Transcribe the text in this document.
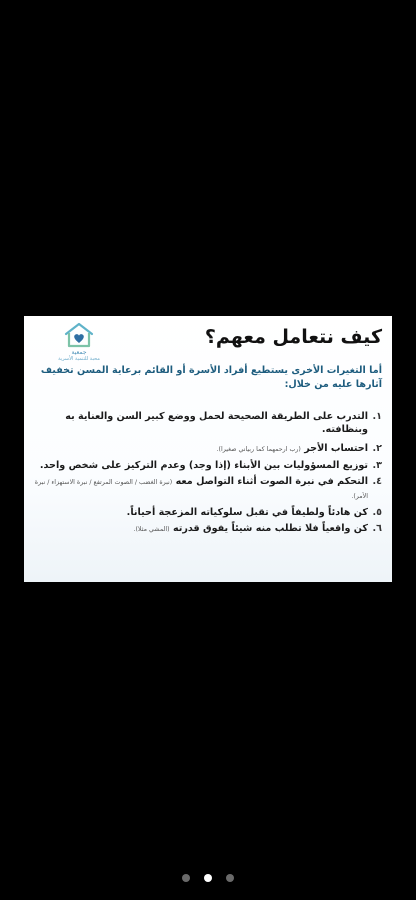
جمعية
محبة للتنمية الأسرية
كيف نتعامل معهم؟
أما التغيرات الأخرى يستطيع أفراد الأسرة أو القائم برعاية المسن تخفيف آثارها عليه من خلال:
١.
التدرب على الطريقة الصحيحة لحمل ووضع كبير السن والعناية به وبنظافته.
٢.
احتساب الأجر (رب ارحمهما كما ربياني صغيرا).
٣.
توزيع المسؤوليات بين الأبناء (إذا وجد) وعدم التركيز على شخص واحد.
٤.
التحكم في نبرة الصوت أثناء التواصل معه (نبرة الغضب / الصوت المرتفع / نبرة الاستهزاء / نبرة الأمر).
٥.
كن هادئاً ولطيفاً في تقبل سلوكياته المزعجة أحياناً.
٦.
كن واقعياً فلا تطلب منه شيئاً يفوق قدرته (المشي مثلا).
